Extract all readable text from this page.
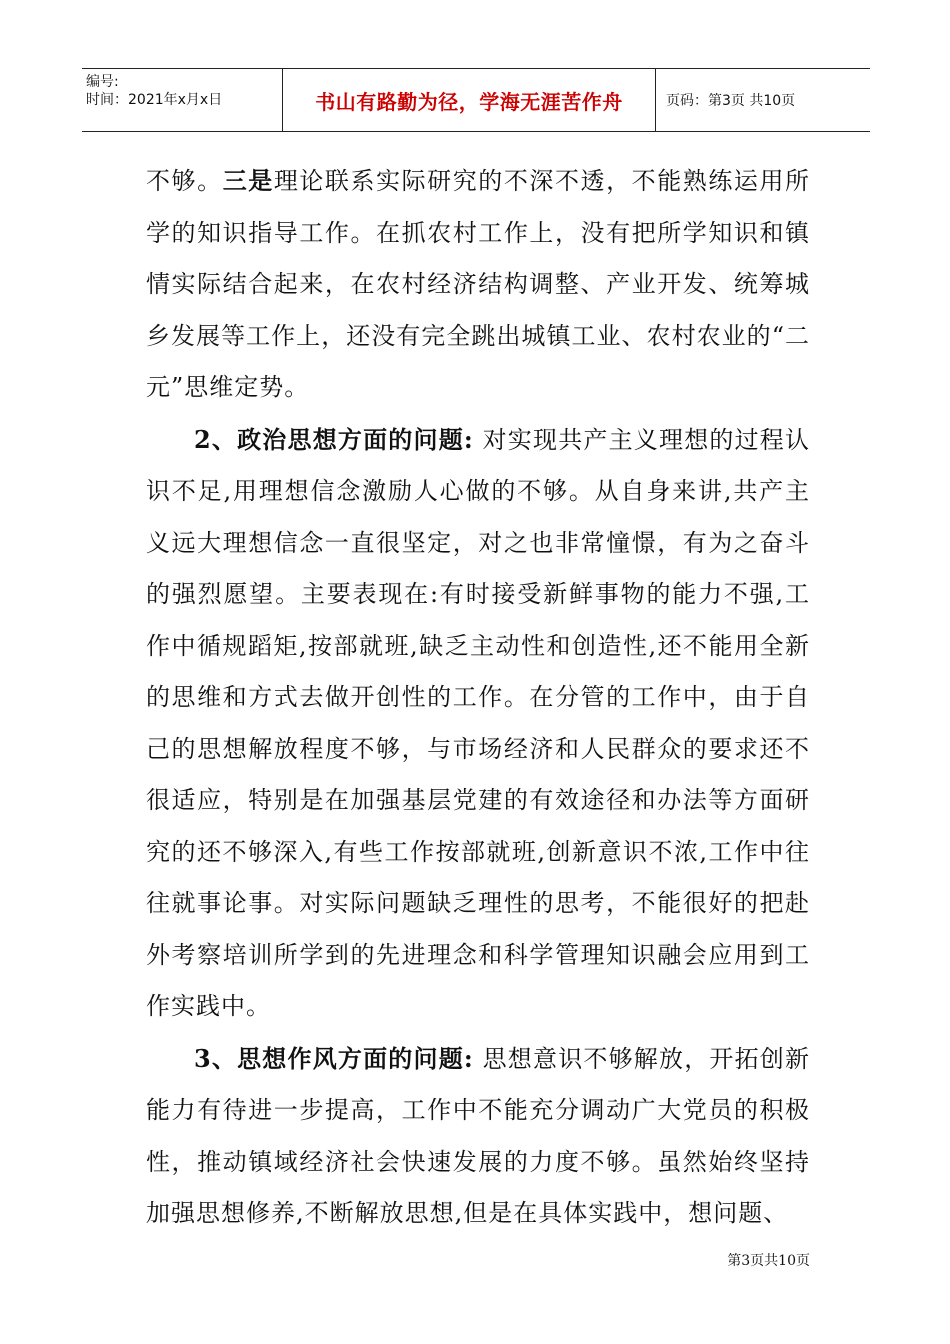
编号:
时间：2021年x月x日	书山有路勤为径，学海无涯苦作舟	页码：第3页 共10页

不够。三是理论联系实际研究的不深不透，不能熟练运用所学的知识指导工作。在抓农村工作上，没有把所学知识和镇情实际结合起来，在农村经济结构调整、产业开发、统筹城乡发展等工作上，还没有完全跳出城镇工业、农村农业的“二元”思维定势。

2、政治思想方面的问题: 对实现共产主义理想的过程认识不足,用理想信念激励人心做的不够。从自身来讲,共产主义远大理想信念一直很坚定，对之也非常憧憬，有为之奋斗的强烈愿望。主要表现在:有时接受新鲜事物的能力不强,工作中循规蹈矩,按部就班,缺乏主动性和创造性,还不能用全新的思维和方式去做开创性的工作。在分管的工作中，由于自己的思想解放程度不够，与市场经济和人民群众的要求还不很适应，特别是在加强基层党建的有效途径和办法等方面研究的还不够深入,有些工作按部就班,创新意识不浓,工作中往往就事论事。对实际问题缺乏理性的思考，不能很好的把赴外考察培训所学到的先进理念和科学管理知识融会应用到工作实践中。

3、思想作风方面的问题: 思想意识不够解放，开拓创新能力有待进一步提高，工作中不能充分调动广大党员的积极性，推动镇域经济社会快速发展的力度不够。虽然始终坚持加强思想修养,不断解放思想,但是在具体实践中，想问题、

第3页共10页
